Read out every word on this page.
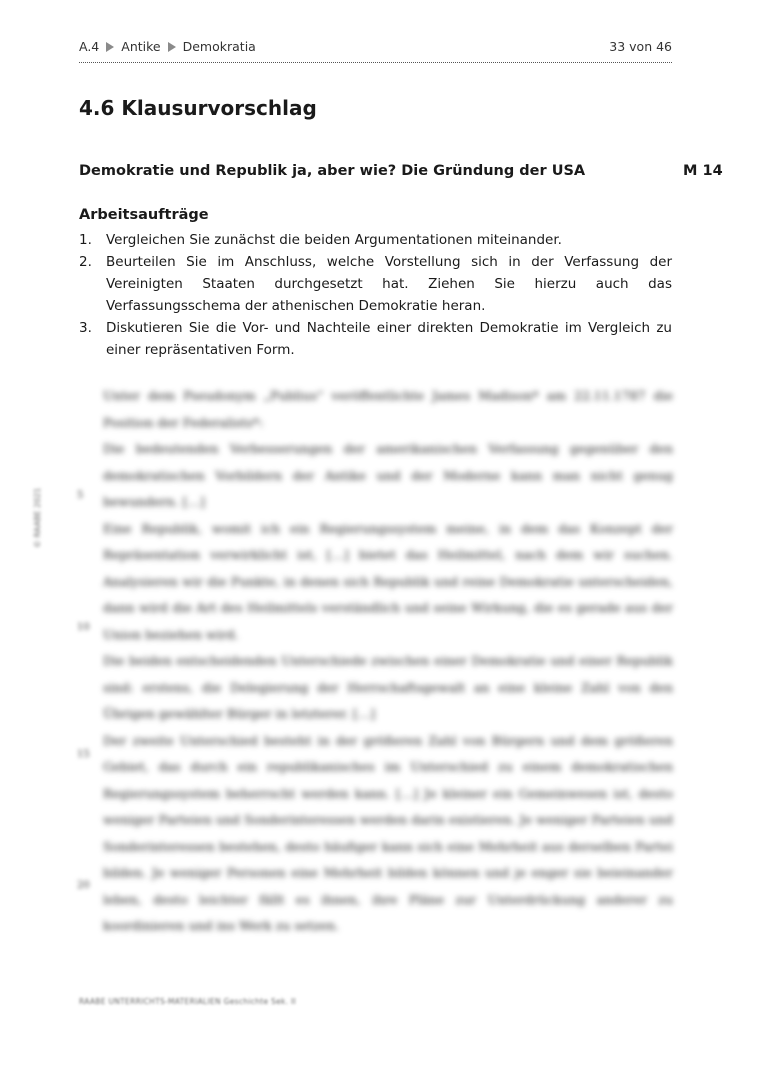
A.4 Antike Demokratia	33 von 46
4.6 Klausurvorschlag
Demokratie und Republik ja, aber wie? Die Gründung der USA	M 14
Arbeitsaufträge
1. Vergleichen Sie zunächst die beiden Argumentationen miteinander.
2. Beurteilen Sie im Anschluss, welche Vorstellung sich in der Verfassung der Vereinigten Staaten durchgesetzt hat. Ziehen Sie hierzu auch das Verfassungsschema der athenischen Demokratie heran.
3. Diskutieren Sie die Vor- und Nachteile einer direkten Demokratie im Vergleich zu einer repräsentativen Form.
© RAABE 2021

Unter dem Pseudonym „Publius“ veröffentlichte James Madison* am 22.11.1787 die Position der Federalists*:

Die bedeutenden Verbesserungen der amerikanischen Verfassung gegenüber den demokratischen Vorbildern der Antike und der Moderne kann man nicht genug bewundern. […]

Eine Republik, womit ich ein Regierungssystem meine, in dem das Konzept der Repräsentation verwirklicht ist, […] bietet das Heilmittel, nach dem wir suchen. Analysieren wir die Punkte, in denen sich Republik und reine Demokratie unterscheiden, dann wird die Art des Heilmittels verständlich und seine Wirkung, die es gerade aus der Union beziehen wird.

Die beiden entscheidenden Unterschiede zwischen einer Demokratie und einer Republik sind: erstens, die Delegierung der Herrschaftsgewalt an eine kleine Zahl von den Übrigen gewählter Bürger in letzterer. […]

Der zweite Unterschied besteht in der größeren Zahl von Bürgern und dem größeren Gebiet, das durch ein republikanisches im Unterschied zu einem demokratischen Regierungssystem beherrscht werden kann. […] Je kleiner ein Gemeinwesen ist, desto weniger Parteien und Sonderinteressen werden darin existieren. Je weniger Parteien und Sonderinteressen bestehen, desto häufiger kann sich eine Mehrheit aus derselben Partei bilden. Je weniger Personen eine Mehrheit bilden können und je enger sie beieinander leben, desto leichter fällt es ihnen, ihre Pläne zur Unterdrückung anderer zu koordinieren und ins Werk zu setzen.

5
10
15
20
RAABE UNTERRICHTS-MATERIALIEN Geschichte Sek. II
